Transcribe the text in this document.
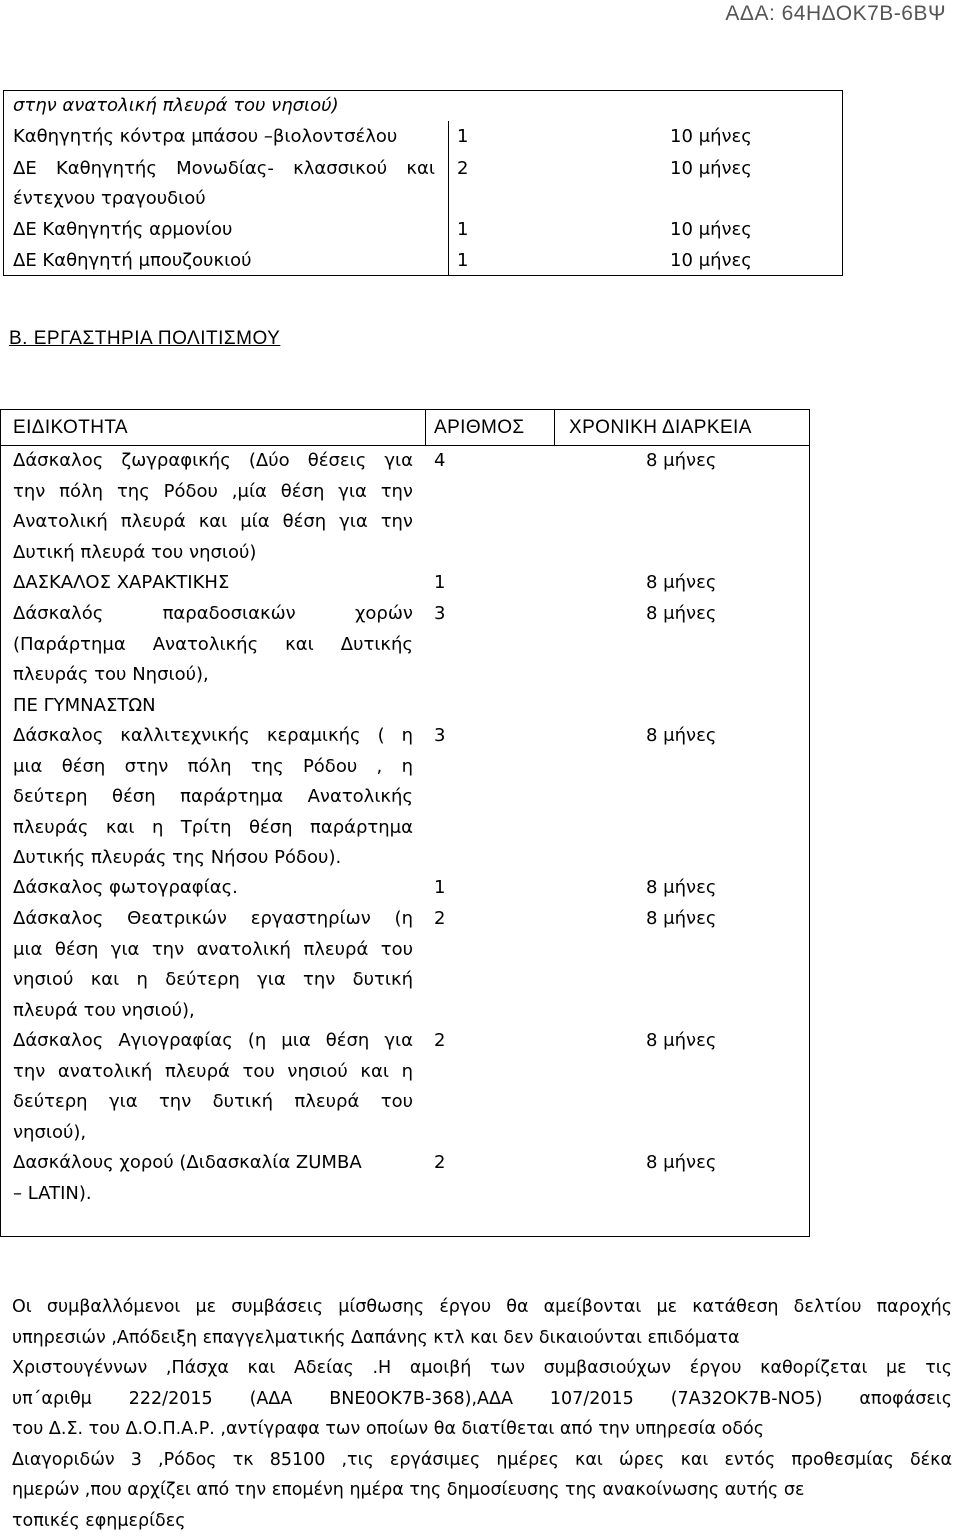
ΑΔΑ: 64ΗΔΟΚ7Β-6ΒΨ
στην ανατολική πλευρά του νησιού)
Καθηγητής κόντρα μπάσου –βιολοντσέλου	1	10 μήνες
ΔΕ Καθηγητής Μονωδίας- κλασσικού και 2	10 μήνες
έντεχνου τραγουδιού
ΔΕ Καθηγητής αρμονίου	1	10 μήνες
ΔΕ Καθηγητή μπουζουκιού	1	10 μήνες
Β. ΕΡΓΑΣΤΗΡΙΑ ΠΟΛΙΤΙΣΜΟΥ
ΕΙΔΙΚΟΤΗΤΑ	ΑΡΙΘΜΟΣ ΧΡΟΝΙΚΗ ΔΙΑΡΚΕΙΑ
Δάσκαλος ζωγραφικής (Δύο θέσεις για
την πόλη της Ρόδου ,μία θέση για την
Ανατολική πλευρά και μία θέση για την
Δυτική πλευρά του νησιού)
4	8 μήνες
ΔΑΣΚΑΛΟΣ ΧΑΡΑΚΤΙΚΗΣ	1	8 μήνες
Δάσκαλός παραδοσιακών χορών
(Παράρτημα Ανατολικής και Δυτικής
πλευράς του Νησιού),
ΠΕ ΓΥΜΝΑΣΤΩΝ
3	8 μήνες
Δάσκαλος καλλιτεχνικής κεραμικής ( η
μια θέση στην πόλη της Ρόδου , η
δεύτερη θέση παράρτημα Ανατολικής
πλευράς και η Τρίτη θέση παράρτημα
Δυτικής πλευράς της Νήσου Ρόδου).
3	8 μήνες
Δάσκαλος φωτογραφίας.	1	8 μήνες
Δάσκαλος Θεατρικών εργαστηρίων (η
μια θέση για την ανατολική πλευρά του
νησιού και η δεύτερη για την δυτική
πλευρά του νησιού),
2	8 μήνες
Δάσκαλος Αγιογραφίας (η μια θέση για
την ανατολική πλευρά του νησιού και η
δεύτερη για την δυτική πλευρά του
νησιού),
2	8 μήνες
Δασκάλους χορού (Διδασκαλία ZUMBA
– LATIN).
2	8 μήνες
Οι συμβαλλόμενοι με συμβάσεις μίσθωσης έργου θα αμείβονται με κατάθεση δελτίου παροχής
υπηρεσιών ,Απόδειξη επαγγελματικής Δαπάνης κτλ και δεν δικαιούνται επιδόματα
Χριστουγέννων ,Πάσχα και Αδείας .Η αμοιβή των συμβασιούχων έργου καθορίζεται με τις
υπ΄αριθμ 222/2015 (ΑΔΑ ΒΝΕ0ΟΚ7Β-368),ΑΔΑ 107/2015 (7Α32ΟΚ7Β-ΝΟ5) αποφάσεις
του Δ.Σ. του Δ.Ο.Π.Α.Ρ. ,αντίγραφα των οποίων θα διατίθεται από την υπηρεσία οδός
Διαγοριδών 3 ,Ρόδος τκ 85100 ,τις εργάσιμες ημέρες και ώρες και εντός προθεσμίας δέκα
ημερών ,που αρχίζει από την επομένη ημέρα της δημοσίευσης της ανακοίνωσης αυτής σε
τοπικές εφημερίδες
